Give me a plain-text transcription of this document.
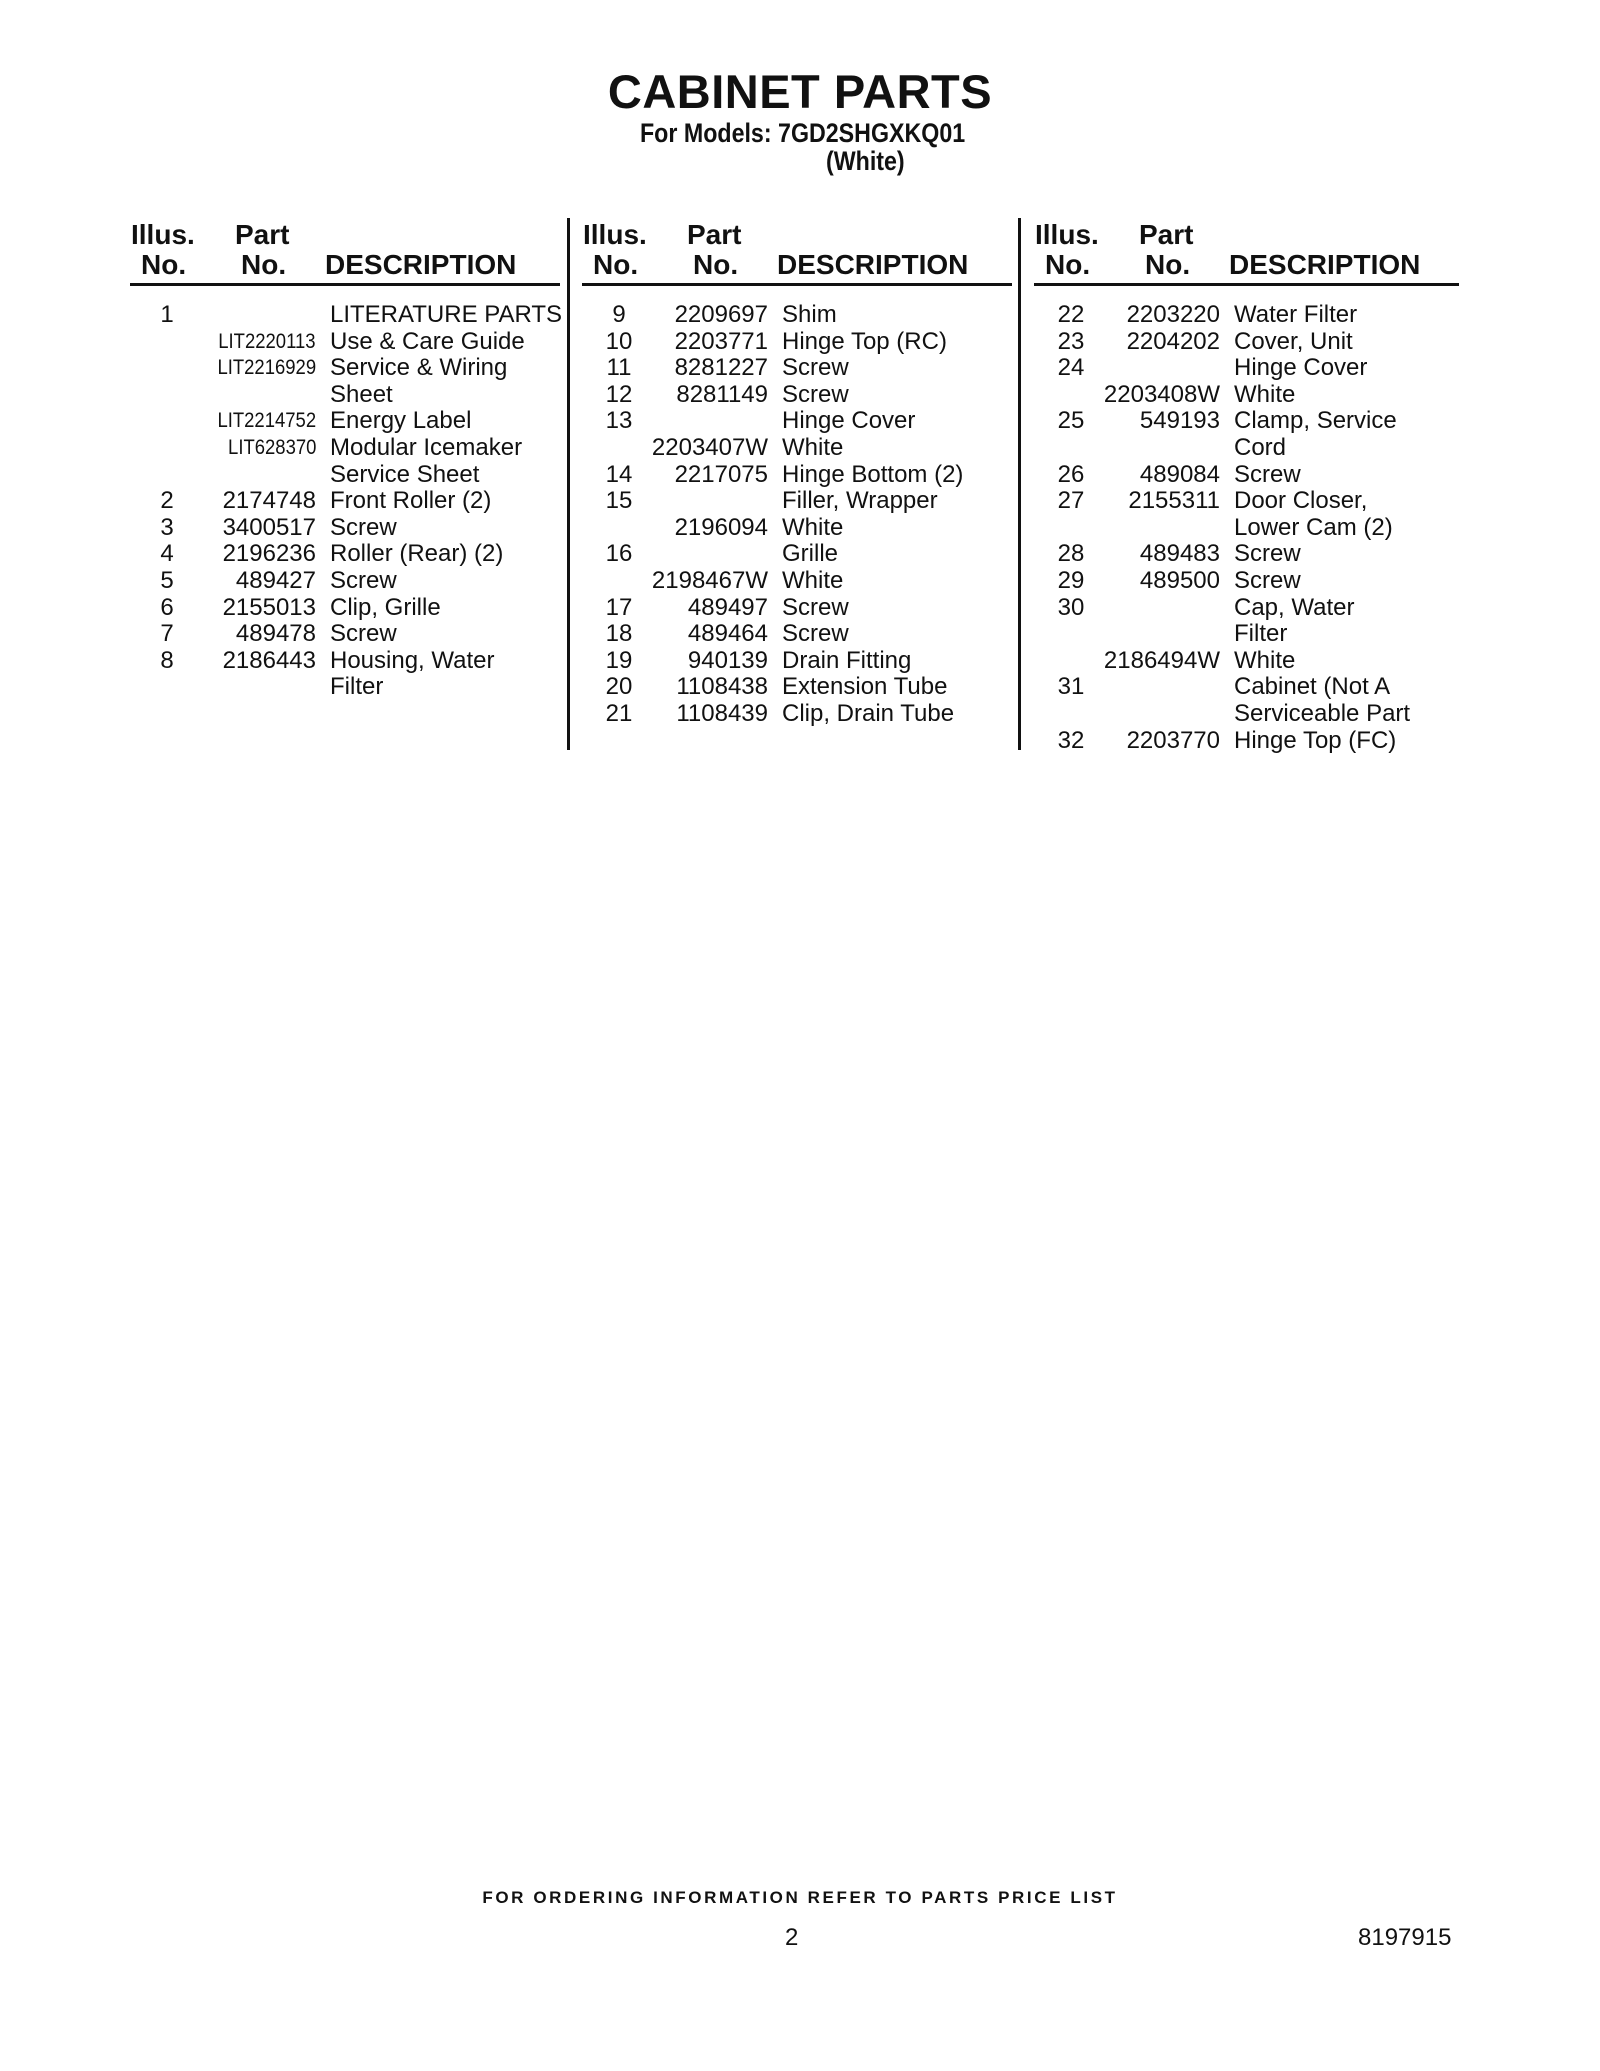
CABINET PARTS
For Models: 7GD2SHGXKQ01
(White)
Illus.
No.
Part
No. DESCRIPTION
1	LITERATURE PARTS
LIT2220113 Use & Care Guide
LIT2216929 Service & Wiring
Sheet
LIT2214752 Energy Label
LIT628370 Modular Icemaker
Service Sheet
2	2174748 Front Roller (2)
3	3400517 Screw
4	2196236 Roller (Rear) (2)
5	489427 Screw
6	2155013 Clip, Grille
7	489478 Screw
8	2186443 Housing, Water
Filter
Illus.
No.
Part
No. DESCRIPTION
9	2209697 Shim
10 2203771 Hinge Top (RC)
11	8281227 Screw
12 8281149 Screw
13	Hinge Cover
2203407W White
14 2217075 Hinge Bottom (2)
15	Filler, Wrapper
2196094 White
16	Grille
2198467W White
17 489497 Screw
18 489464 Screw
19 940139 Drain Fitting
20 1108438 Extension Tube
21 1108439 Clip, Drain Tube
Illus.
No.
Part
No. DESCRIPTION
22 2203220 Water Filter
23 2204202 Cover, Unit
24	Hinge Cover
2203408W White
25 549193 Clamp, Service
Cord
26 489084 Screw
27 2155311 Door Closer,
Lower Cam (2)
28 489483 Screw
29 489500 Screw
30	Cap, Water
Filter
2186494W White
31	Cabinet (Not A
Serviceable Part
32 2203770 Hinge Top (FC)
FOR ORDERING INFORMATION REFER TO PARTS PRICE LIST
2	8197915
